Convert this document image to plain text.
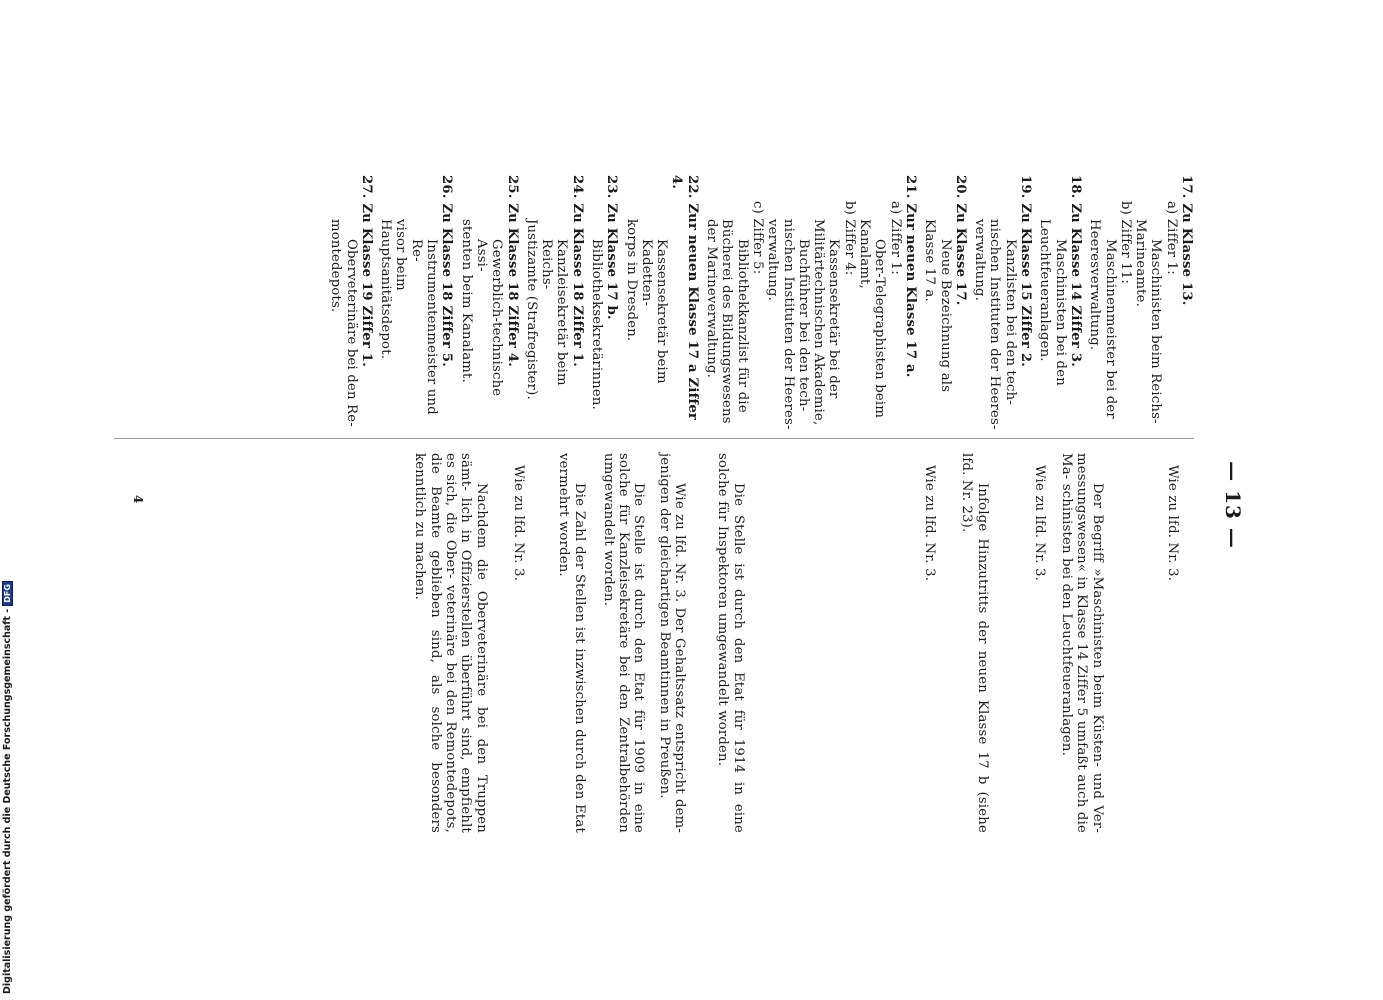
— 13 —
17. Zu Klasse 13.
a) Ziffer 1:
Maschinisten beim Reichs-
Marineamte.
b) Ziffer 11:
Maschinenmeister bei der
Heeresverwaltung.
18. Zu Klasse 14 Ziffer 3.
Maschinisten bei den
Leuchtfeueranlagen.
19. Zu Klasse 15 Ziffer 2.
Kanzlisten bei den tech-
nischen Instituten der Heeres-
verwaltung.
20. Zu Klasse 17.
Neue Bezeichnung als
Klasse 17 a.
21. Zur neuen Klasse 17 a.
a) Ziffer 1:
Ober-Telegraphisten beim
Kanalamt,
b) Ziffer 4:
Kassensekretär bei der
Militärtechnischen Akademie,
Buchführer bei den tech-
nischen Instituten der Heeres-
verwaltung.
c) Ziffer 5:
Bibliothekkanzlist für die
Bücherei des Bildungswesens
der Marineverwaltung.
22. Zur neuen Klasse 17 a Ziffer 4.
Kassensekretär beim Kadetten-
korps in Dresden.
23. Zu Klasse 17 b.
Bibliotheksekretärinnen.
24. Zu Klasse 18 Ziffer 1.
Kanzleisekretär beim Reichs-
Justizamte (Strafregister).
25. Zu Klasse 18 Ziffer 4.
Gewerblich-technische Assi-
stenten beim Kanalamt.
26. Zu Klasse 18 Ziffer 5.
Instrumentenmeister und Re-
visor beim Hauptsanitätsdepot.
27. Zu Klasse 19 Ziffer 1.
Oberveterinäre bei den Re-
montedepots.
Wie zu lfd. Nr. 3.
Der Begriff »Maschinisten beim Küsten- und Ver- messungswesen« in Klasse 14 Ziffer 5 umfaßt auch die Ma- schinisten bei den Leuchtfeueranlagen.
Wie zu lfd. Nr. 3.
Infolge Hinzutritts der neuen Klasse 17 b (siehe lfd. Nr. 23).
Wie zu lfd. Nr. 3.
Die Stelle ist durch den Etat für 1914 in eine solche für Inspektoren umgewandelt worden.
Wie zu lfd. Nr. 3. Der Gehaltssatz entspricht dem- jenigen der gleichartigen Beamtinnen in Preußen.
Die Stelle ist durch den Etat für 1909 in eine solche für Kanzleisekretäre bei den Zentralbehörden umgewandelt worden.
Die Zahl der Stellen ist inzwischen durch den Etat vermehrt worden.
Wie zu lfd. Nr. 3.
Nachdem die Oberveterinäre bei den Truppen sämt- lich in Offizierstellen überführt sind, empfiehlt es sich, die Ober- veterinäre bei den Remontedepots, die Beamte geblieben sind, als solche besonders kenntlich zu machen.
4
Digitalisierung gefördert durch die Deutsche Forschungsgemeinschaft -
DFG
